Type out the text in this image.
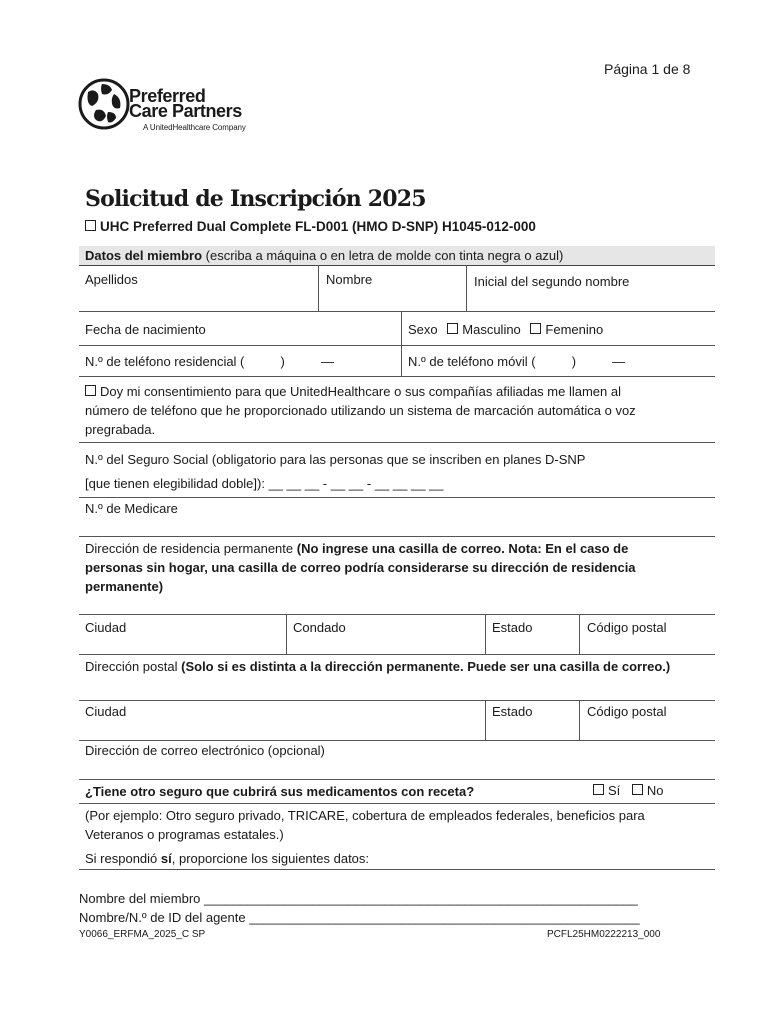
Página 1 de 8
Preferred
Care Partners
A UnitedHealthcare Company
Solicitud de Inscripción 2025
UHC Preferred Dual Complete FL-D001 (HMO D-SNP) H1045-012-000
Datos del miembro (escriba a máquina o en letra de molde con tinta negra o azul)
Apellidos	Nombre	Inicial del segundo nombre
Fecha de nacimiento	Sexo Masculino Femenino
N.º de teléfono residencial (          )          —	N.º de teléfono móvil (          )          —
Doy mi consentimiento para que UnitedHealthcare o sus compañías afiliadas me llamen al
número de teléfono que he proporcionado utilizando un sistema de marcación automática o voz
pregrabada.
N.º del Seguro Social (obligatorio para las personas que se inscriben en planes D-SNP
[que tienen elegibilidad doble]): __ __ __ - __ __ - __ __ __ __
N.º de Medicare
Dirección de residencia permanente (No ingrese una casilla de correo. Nota: En el caso de
personas sin hogar, una casilla de correo podría considerarse su dirección de residencia
permanente)
Ciudad	Condado	Estado	Código postal
Dirección postal (Solo si es distinta a la dirección permanente. Puede ser una casilla de correo.)
Ciudad	Estado	Código postal
Dirección de correo electrónico (opcional)
¿Tiene otro seguro que cubrirá sus medicamentos con receta?	Sí No
(Por ejemplo: Otro seguro privado, TRICARE, cobertura de empleados federales, beneficios para
Veteranos o programas estatales.)
Si respondió sí, proporcione los siguientes datos:
Nombre del miembro ____________________________________________________________
Nombre/N.º de ID del agente ______________________________________________________
Y0066_ERFMA_2025_C SP	PCFL25HM0222213_000
